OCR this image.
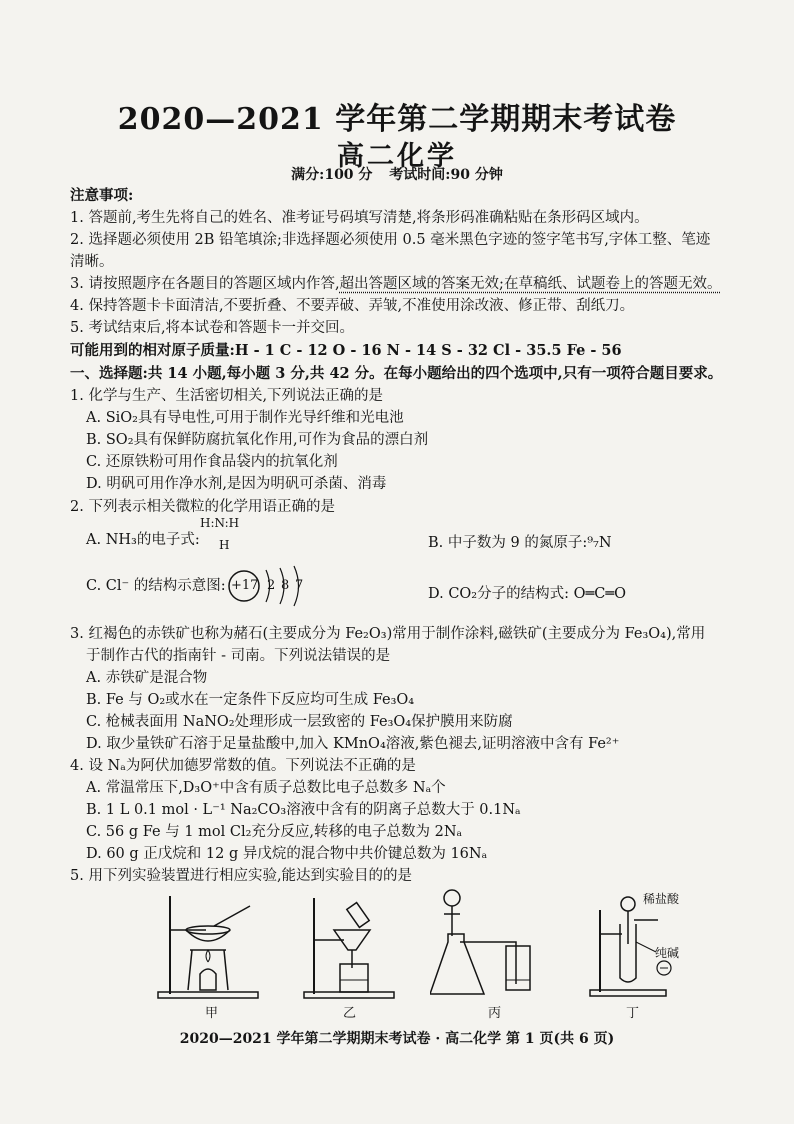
2020—2021 学年第二学期期末考试卷
高二化学
满分:100 分 考试时间:90 分钟
注意事项:
1. 答题前,考生先将自己的姓名、准考证号码填写清楚,将条形码准确粘贴在条形码区域内。
2. 选择题必须使用 2B 铅笔填涂;非选择题必须使用 0.5 毫米黑色字迹的签字笔书写,字体工整、笔迹
清晰。
3. 请按照题序在各题目的答题区域内作答,超出答题区域的答案无效;在草稿纸、试题卷上的答题无效。
4. 保持答题卡卡面清洁,不要折叠、不要弄破、弄皱,不准使用涂改液、修正带、刮纸刀。
5. 考试结束后,将本试卷和答题卡一并交回。
可能用到的相对原子质量:H - 1 C - 12 O - 16 N - 14 S - 32 Cl - 35.5 Fe - 56
一、选择题:共 14 小题,每小题 3 分,共 42 分。在每小题给出的四个选项中,只有一项符合题目要求。
1. 化学与生产、生活密切相关,下列说法正确的是
A. SiO₂具有导电性,可用于制作光导纤维和光电池
B. SO₂具有保鲜防腐抗氧化作用,可作为食品的漂白剂
C. 还原铁粉可用作食品袋内的抗氧化剂
D. 明矾可用作净水剂,是因为明矾可杀菌、消毒
2. 下列表示相关微粒的化学用语正确的是
A. NH₃的电子式:
H:N:H
H	B. 中子数为 9 的氮原子:⁹₇N
C. Cl⁻ 的结构示意图: +17 2 8 7
D. CO₂分子的结构式: O═C═O
3. 红褐色的赤铁矿也称为赭石(主要成分为 Fe₂O₃)常用于制作涂料,磁铁矿(主要成分为 Fe₃O₄),常用
于制作古代的指南针 - 司南。下列说法错误的是
A. 赤铁矿是混合物
B. Fe 与 O₂或水在一定条件下反应均可生成 Fe₃O₄
C. 枪械表面用 NaNO₂处理形成一层致密的 Fe₃O₄保护膜用来防腐
D. 取少量铁矿石溶于足量盐酸中,加入 KMnO₄溶液,紫色褪去,证明溶液中含有 Fe²⁺
4. 设 Nₐ为阿伏加德罗常数的值。下列说法不正确的是
A. 常温常压下,D₃O⁺中含有质子总数比电子总数多 Nₐ个
B. 1 L 0.1 mol · L⁻¹ Na₂CO₃溶液中含有的阴离子总数大于 0.1Nₐ
C. 56 g Fe 与 1 mol Cl₂充分反应,转移的电子总数为 2Nₐ
D. 60 g 正戊烷和 12 g 异戊烷的混合物中共价键总数为 16Nₐ
5. 用下列实验装置进行相应实验,能达到实验目的的是
甲	乙	丙
稀盐酸
纯碱
丁
2020—2021 学年第二学期期末考试卷 · 高二化学 第 1 页(共 6 页)
